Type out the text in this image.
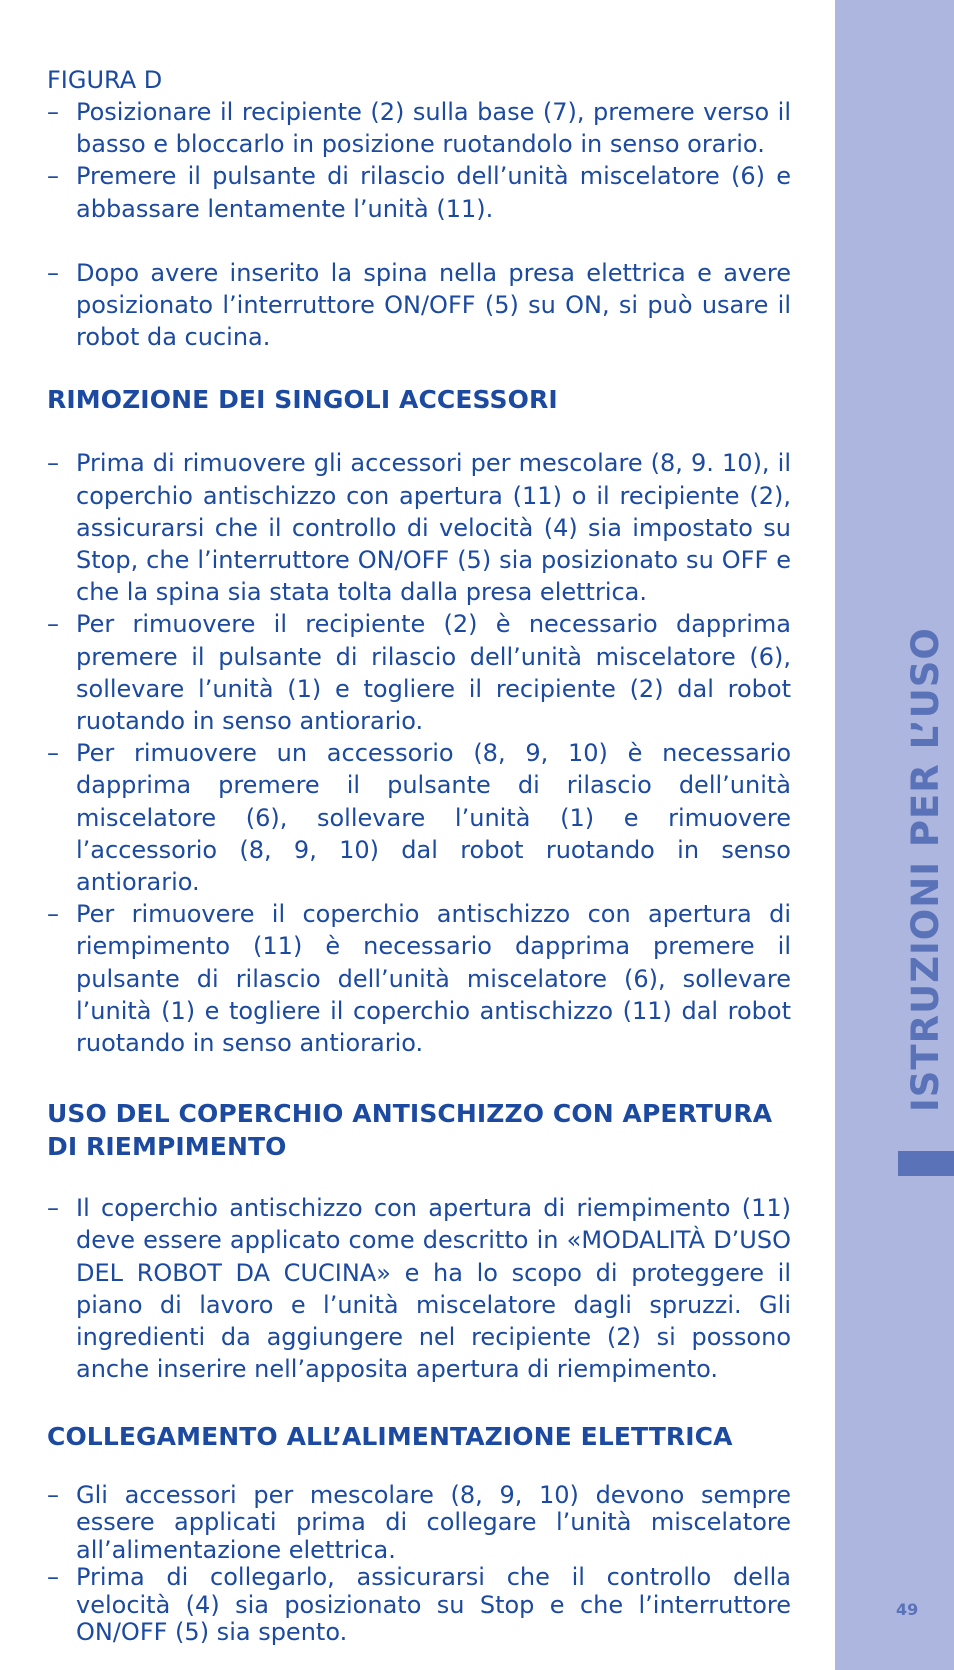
ISTRUZIONI PER L’USO
49

FIGURA D

– Posizionare il recipiente (2) sulla base (7), premere verso il basso e bloccarlo in posizione ruotandolo in senso orario.
– Premere il pulsante di rilascio dell’unità miscelatore (6) e abbassare lentamente l’unità (11).
– Dopo avere inserito la spina nella presa elettrica e avere posizionato l’interruttore ON/OFF (5) su ON, si può usare il robot da cucina.
RIMOZIONE DEI SINGOLI ACCESSORI
– Prima di rimuovere gli accessori per mescolare (8, 9. 10), il coperchio antischizzo con apertura (11) o il recipiente (2), assicurarsi che il controllo di velocità (4) sia impostato su Stop, che l’interruttore ON/OFF (5) sia posizionato su OFF e che la spina sia stata tolta dalla presa elettrica.
– Per rimuovere il recipiente (2) è necessario dapprima premere il pulsante di rilascio dell’unità miscelatore (6), sollevare l’unità (1) e togliere il recipiente (2) dal robot ruotando in senso antiorario.
– Per rimuovere un accessorio (8, 9, 10) è necessario dapprima premere il pulsante di rilascio dell’unità miscelatore (6), sollevare l’unità (1) e rimuovere l’accessorio (8, 9, 10) dal robot ruotando in senso antiorario.
– Per rimuovere il coperchio antischizzo con apertura di riempimento (11) è necessario dapprima premere il pulsante di rilascio dell’unità miscelatore (6), sollevare l’unità (1) e togliere il coperchio antischizzo (11) dal robot ruotando in senso antiorario.
USO DEL COPERCHIO ANTISCHIZZO CON APERTURA
DI RIEMPIMENTO
– Il coperchio antischizzo con apertura di riempimento (11) deve essere applicato come descritto in «MODALITÀ D’USO DEL ROBOT DA CUCINA» e ha lo scopo di proteggere il piano di lavoro e l’unità miscelatore dagli spruzzi. Gli ingredienti da aggiungere nel recipiente (2) si possono anche inserire nell’apposita apertura di riempimento.
COLLEGAMENTO ALL’ALIMENTAZIONE ELETTRICA
– Gli accessori per mescolare (8, 9, 10) devono sempre essere applicati prima di collegare l’unità miscelatore all’alimentazione elettrica.
– Prima di collegarlo, assicurarsi che il controllo della velocità (4) sia posizionato su Stop e che l’interruttore ON/OFF (5) sia spento.
